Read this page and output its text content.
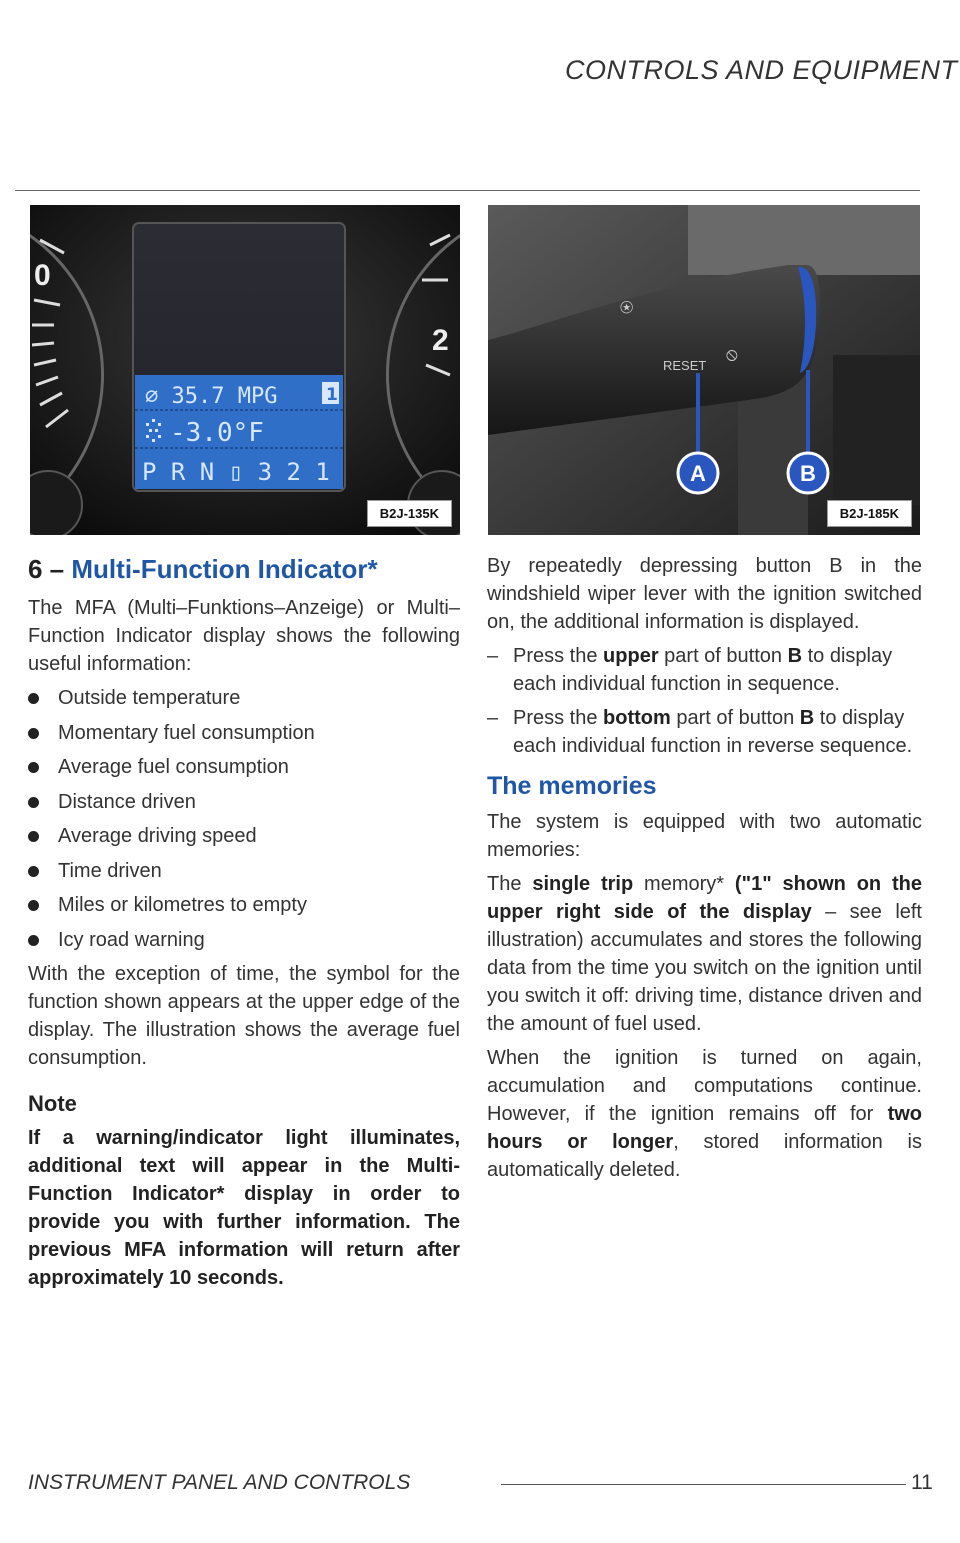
CONTROLS AND EQUIPMENT
0
2
⌀ 35.7 MPG	1
-3.0°F
P R N ▯ 3 2 1
B2J-135K
RESET
⦸
⍟
A	B
B2J-185K
6 – Multi-Function Indicator*

The MFA (Multi–Funktions–Anzeige) or Multi–Function Indicator display shows the following useful information:

Outside temperature
Momentary fuel consumption
Average fuel consumption
Distance driven
Average driving speed
Time driven
Miles or kilometres to empty
Icy road warning

With the exception of time, the symbol for the function shown appears at the upper edge of the display. The illustration shows the average fuel consumption.

Note

If a warning/indicator light illuminates, additional text will appear in the Multi-Function Indicator* display in order to provide you with further information. The previous MFA information will return after approximately 10 seconds.

By repeatedly depressing button B in the windshield wiper lever with the ignition switched on, the additional information is displayed.

– Press the upper part of button B to display each individual function in sequence.
– Press the bottom part of button B to display each individual function in reverse sequence.
The memories

The system is equipped with two automatic memories:

The single trip memory* ("1" shown on the upper right side of the display – see left illustration) accumulates and stores the following data from the time you switch on the ignition until you switch it off: driving time, distance driven and the amount of fuel used.

When the ignition is turned on again, accumulation and computations continue. However, if the ignition remains off for two hours or longer, stored information is automatically deleted.

INSTRUMENT PANEL AND CONTROLS	11
